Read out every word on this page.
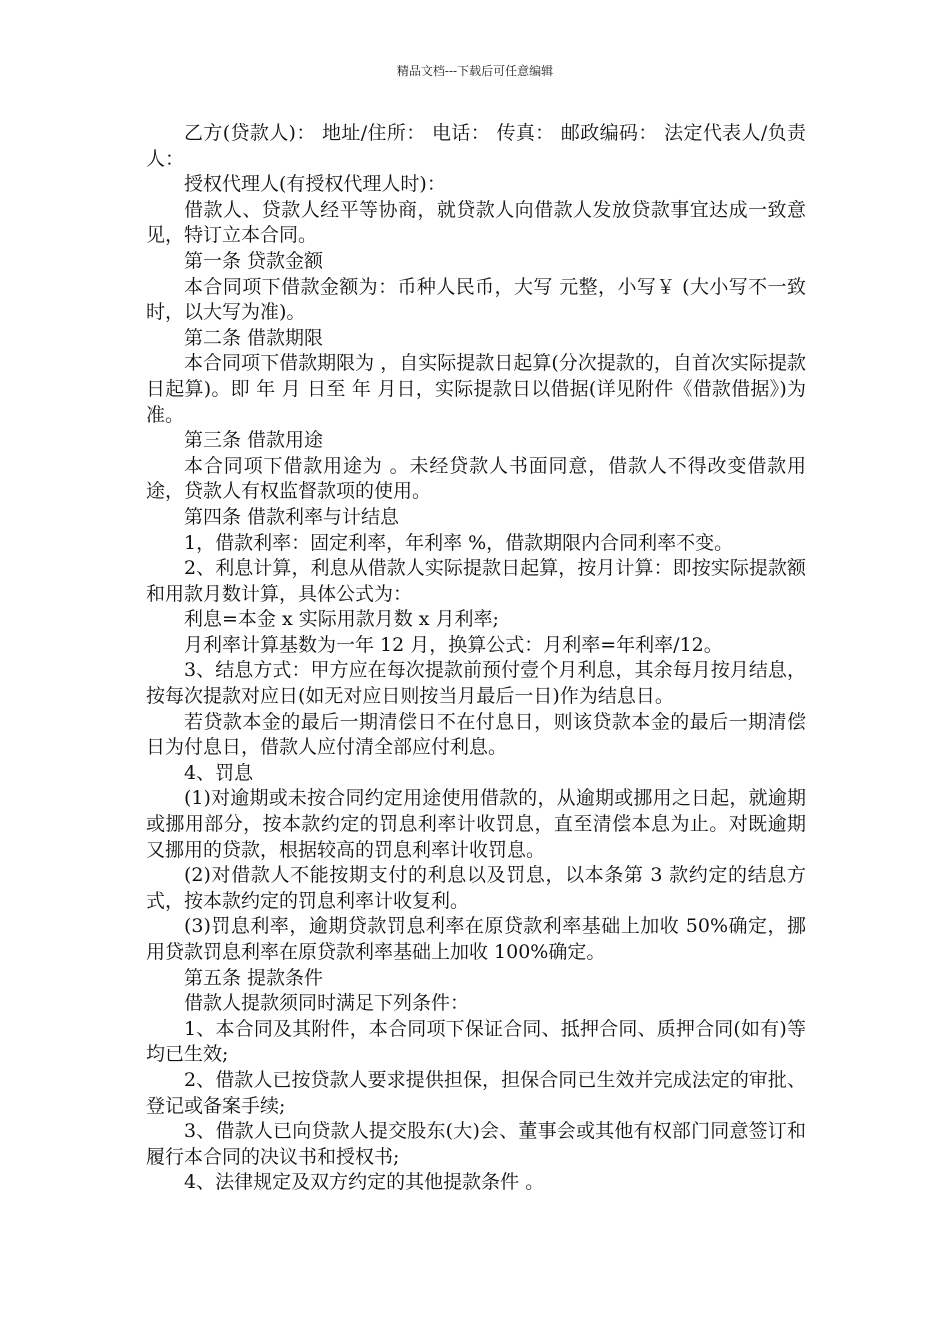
精品文档---下载后可任意编辑

乙方(贷款人)： 地址/住所： 电话： 传真： 邮政编码： 法定代表人/负责人：

授权代理人(有授权代理人时)：

借款人、贷款人经平等协商，就贷款人向借款人发放贷款事宜达成一致意见，特订立本合同。

第一条 贷款金额

本合同项下借款金额为：币种人民币，大写 元整，小写￥ (大小写不一致时，以大写为准)。

第二条 借款期限

本合同项下借款期限为 ，自实际提款日起算(分次提款的，自首次实际提款日起算)。即 年 月 日至 年 月日，实际提款日以借据(详见附件《借款借据》)为准。

第三条 借款用途

本合同项下借款用途为 。未经贷款人书面同意，借款人不得改变借款用途，贷款人有权监督款项的使用。

第四条 借款利率与计结息

1，借款利率：固定利率，年利率 %，借款期限内合同利率不变。

2、利息计算，利息从借款人实际提款日起算，按月计算：即按实际提款额和用款月数计算，具体公式为：

利息=本金 x 实际用款月数 x 月利率;

月利率计算基数为一年 12 月，换算公式：月利率=年利率/12。

3、结息方式：甲方应在每次提款前预付壹个月利息，其余每月按月结息，按每次提款对应日(如无对应日则按当月最后一日)作为结息日。

若贷款本金的最后一期清偿日不在付息日，则该贷款本金的最后一期清偿日为付息日，借款人应付清全部应付利息。

4、罚息

(1)对逾期或未按合同约定用途使用借款的，从逾期或挪用之日起，就逾期或挪用部分，按本款约定的罚息利率计收罚息，直至清偿本息为止。对既逾期又挪用的贷款，根据较高的罚息利率计收罚息。

(2)对借款人不能按期支付的利息以及罚息，以本条第 3 款约定的结息方式，按本款约定的罚息利率计收复利。

(3)罚息利率，逾期贷款罚息利率在原贷款利率基础上加收 50%确定，挪用贷款罚息利率在原贷款利率基础上加收 100%确定。

第五条 提款条件

借款人提款须同时满足下列条件：

1、本合同及其附件，本合同项下保证合同、抵押合同、质押合同(如有)等均已生效;

2、借款人已按贷款人要求提供担保，担保合同已生效并完成法定的审批、登记或备案手续;

3、借款人已向贷款人提交股东(大)会、董事会或其他有权部门同意签订和履行本合同的决议书和授权书;

4、法律规定及双方约定的其他提款条件 。
